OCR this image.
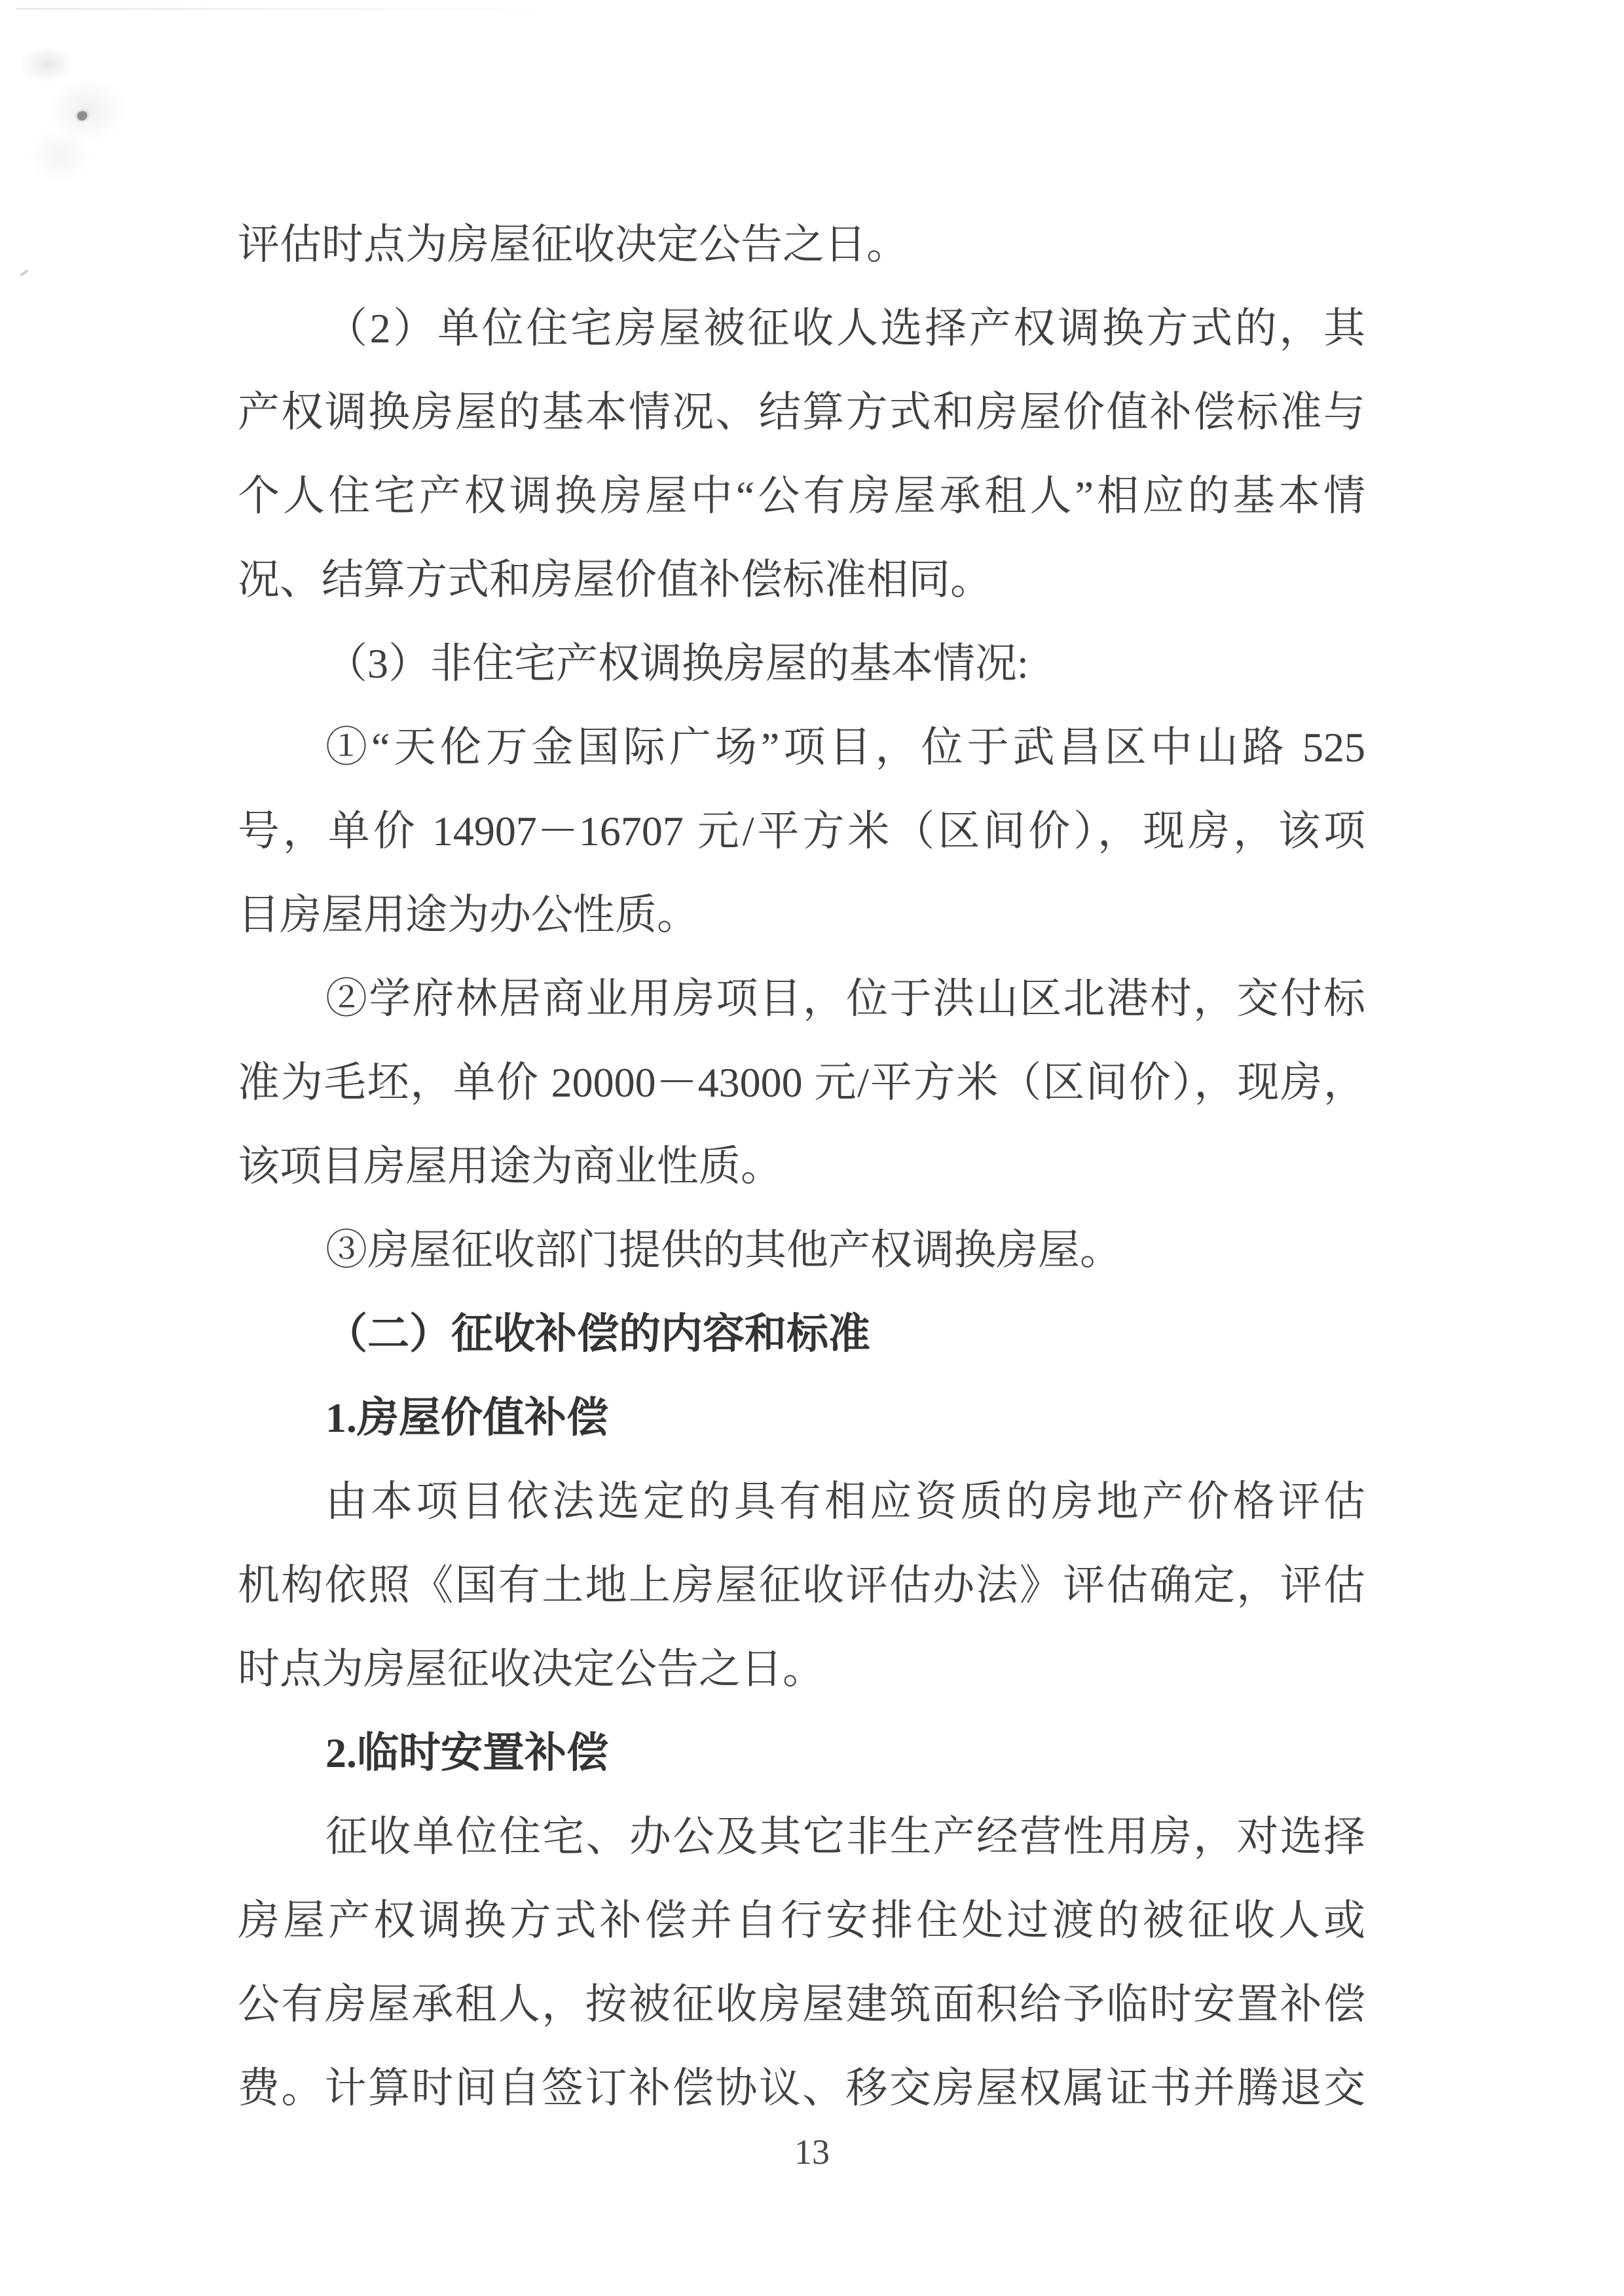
评估时点为房屋征收决定公告之日。
（2）单位住宅房屋被征收人选择产权调换方式的，其
产权调换房屋的基本情况、结算方式和房屋价值补偿标准与
个人住宅产权调换房屋中“公有房屋承租人”相应的基本情
况、结算方式和房屋价值补偿标准相同。
（3）非住宅产权调换房屋的基本情况:
①“天伦万金国际广场”项目，位于武昌区中山路 525
号，单价 14907－16707 元/平方米（区间价），现房，该项
目房屋用途为办公性质。
②学府林居商业用房项目，位于洪山区北港村，交付标
准为毛坯，单价 20000－43000 元/平方米（区间价），现房，
该项目房屋用途为商业性质。
③房屋征收部门提供的其他产权调换房屋。
（二）征收补偿的内容和标准
1.房屋价值补偿
由本项目依法选定的具有相应资质的房地产价格评估
机构依照《国有土地上房屋征收评估办法》评估确定，评估
时点为房屋征收决定公告之日。
2.临时安置补偿
征收单位住宅、办公及其它非生产经营性用房，对选择
房屋产权调换方式补偿并自行安排住处过渡的被征收人或
公有房屋承租人，按被征收房屋建筑面积给予临时安置补偿
费。计算时间自签订补偿协议、移交房屋权属证书并腾退交
13
